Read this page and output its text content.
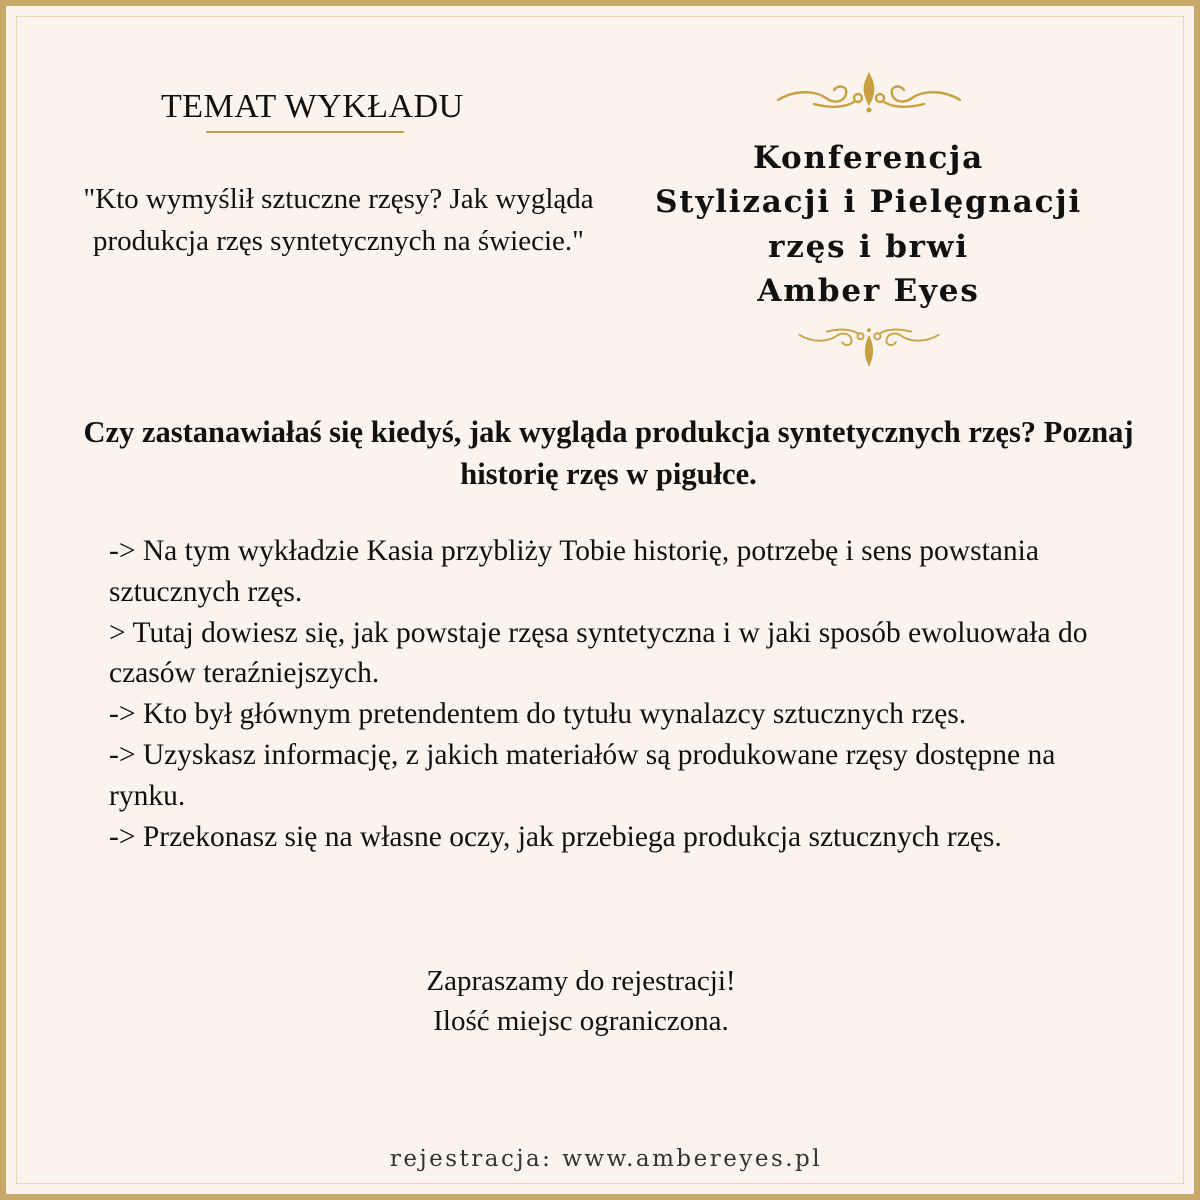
TEMAT WYKŁADU
"Kto wymyślił sztuczne rzęsy? Jak wygląda produkcja rzęs syntetycznych na świecie."
Konferencja
Stylizacji i Pielęgnacji
rzęs i brwi
Amber Eyes
Czy zastanawiałaś się kiedyś, jak wygląda produkcja syntetycznych rzęs? Poznaj historię rzęs w pigułce.
-> Na tym wykładzie Kasia przybliży Tobie historię, potrzebę i sens powstania sztucznych rzęs.
> Tutaj dowiesz się, jak powstaje rzęsa syntetyczna i w jaki sposób ewoluowała do czasów teraźniejszych.
-> Kto był głównym pretendentem do tytułu wynalazcy sztucznych rzęs.
-> Uzyskasz informację, z jakich materiałów są produkowane rzęsy dostępne na rynku.
-> Przekonasz się na własne oczy, jak przebiega produkcja sztucznych rzęs.
Zapraszamy do rejestracji!
Ilość miejsc ograniczona.
rejestracja: www.ambereyes.pl
